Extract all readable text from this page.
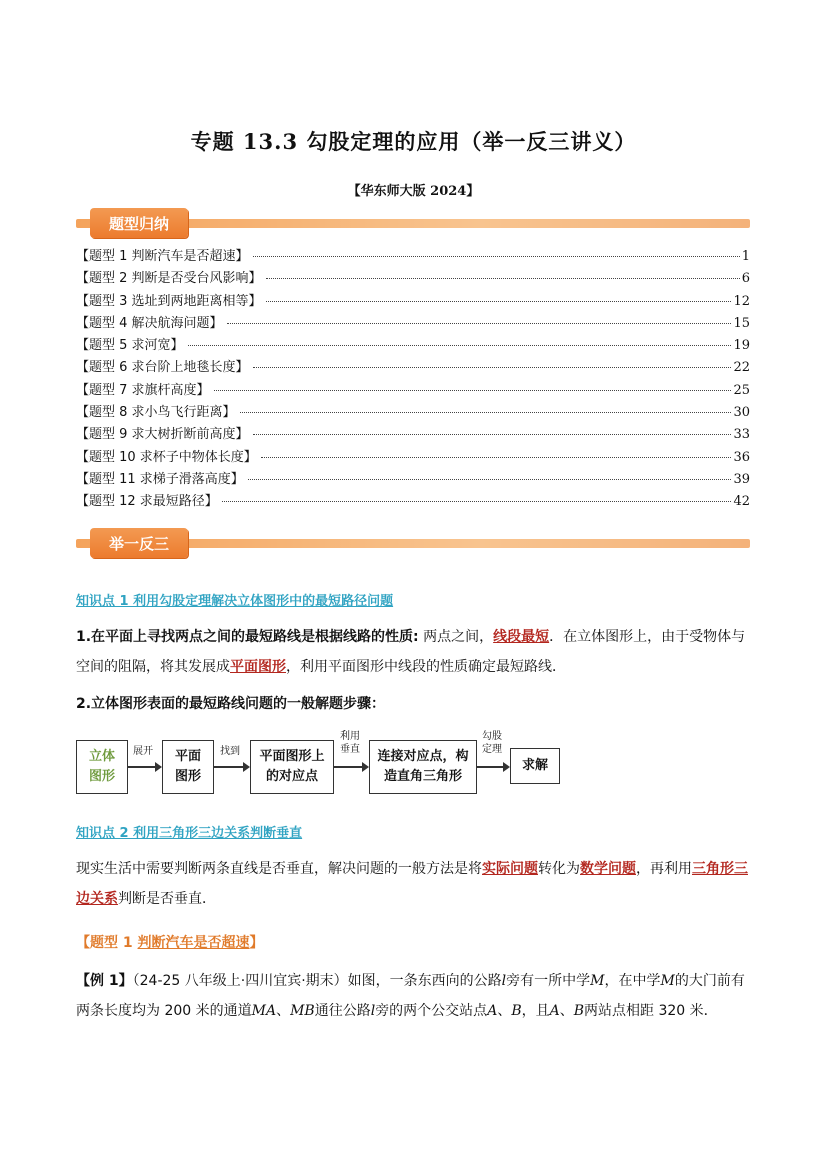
专题 13.3 勾股定理的应用（举一反三讲义）
【华东师大版 2024】
题型归纳
【题型 1 判断汽车是否超速】	1
【题型 2 判断是否受台风影响】	6
【题型 3 选址到两地距离相等】	12
【题型 4 解决航海问题】	15
【题型 5 求河宽】	19
【题型 6 求台阶上地毯长度】	22
【题型 7 求旗杆高度】	25
【题型 8 求小鸟飞行距离】	30
【题型 9 求大树折断前高度】	33
【题型 10 求杯子中物体长度】	36
【题型 11 求梯子滑落高度】	39
【题型 12 求最短路径】	42
举一反三
知识点 1 利用勾股定理解决立体图形中的最短路径问题
1.在平面上寻找两点之间的最短路线是根据线路的性质: 两点之间，线段最短．在立体图形上，由于受物体与空间的阻隔，将其发展成平面图形，利用平面图形中线段的性质确定最短路线．
2.立体图形表面的最短路线问题的一般解题步骤：
立体
图形
展开	平面
图形
找到	平面图形上
的对应点
利用
垂直	连接对应点，构
造直角三角形
勾股
定理
求解
知识点 2 利用三角形三边关系判断垂直
现实生活中需要判断两条直线是否垂直，解决问题的一般方法是将实际问题转化为数学问题，再利用三角形三边关系判断是否垂直．
【题型 1 判断汽车是否超速】
【例 1】（24-25 八年级上·四川宜宾·期末）如图，一条东西向的公路l旁有一所中学M，在中学M的大门前有两条长度均为 200 米的通道MA、MB通往公路l旁的两个公交站点A、B，且A、B两站点相距 320 米．
